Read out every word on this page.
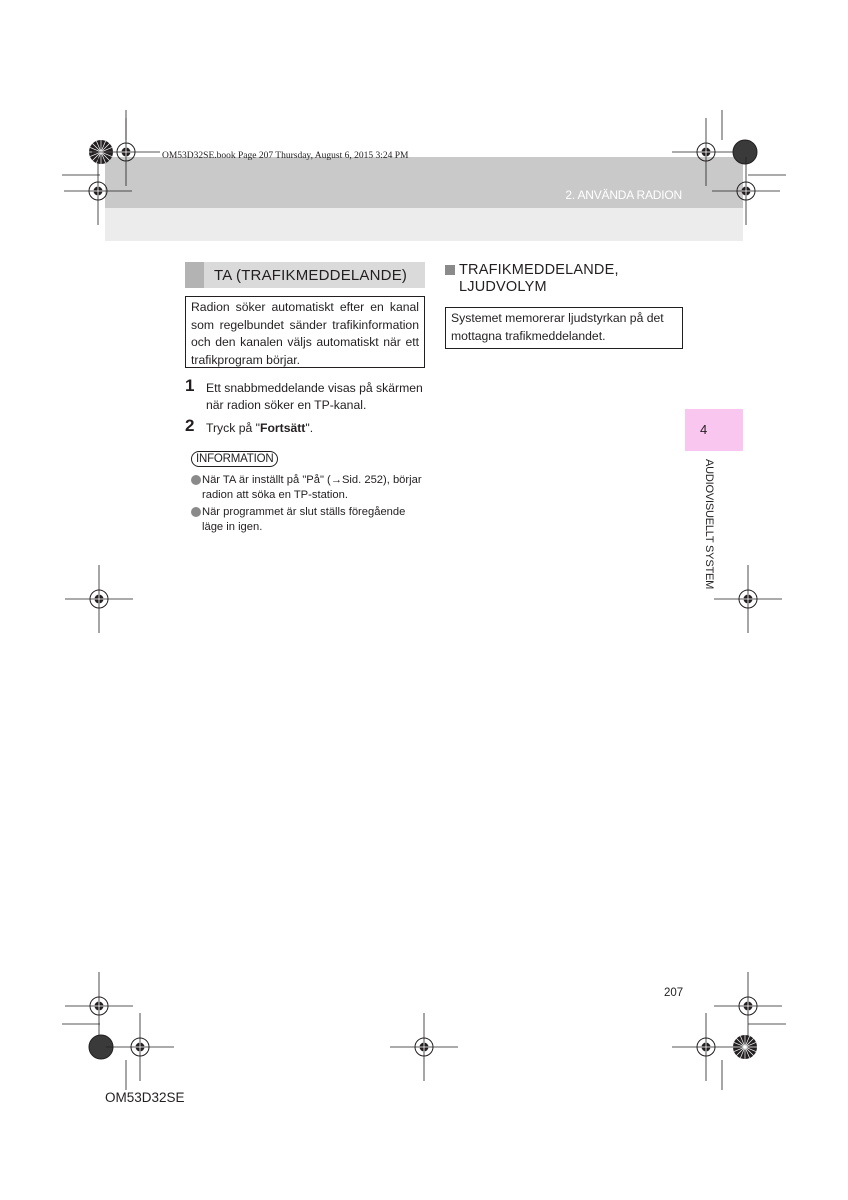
OM53D32SE.book Page 207 Thursday, August 6, 2015 3:24 PM
2. ANVÄNDA RADION
4
AUDIOVISUELLT SYSTEM
TA (TRAFIKMEDDELANDE)
Radion söker automatiskt efter en kanal som regelbundet sänder trafikinformation och den kanalen väljs automatiskt när ett trafikprogram börjar.
1 Ett snabbmeddelande visas på skärmen när radion söker en TP-kanal.
2 Tryck på "Fortsätt".
INFORMATION
När TA är inställt på "På" (→Sid. 252), börjar radion att söka en TP-station.
När programmet är slut ställs föregående läge in igen.
TRAFIKMEDDELANDE, LJUDVOLYM
Systemet memorerar ljudstyrkan på det mottagna trafikmeddelandet.
207
OM53D32SE
